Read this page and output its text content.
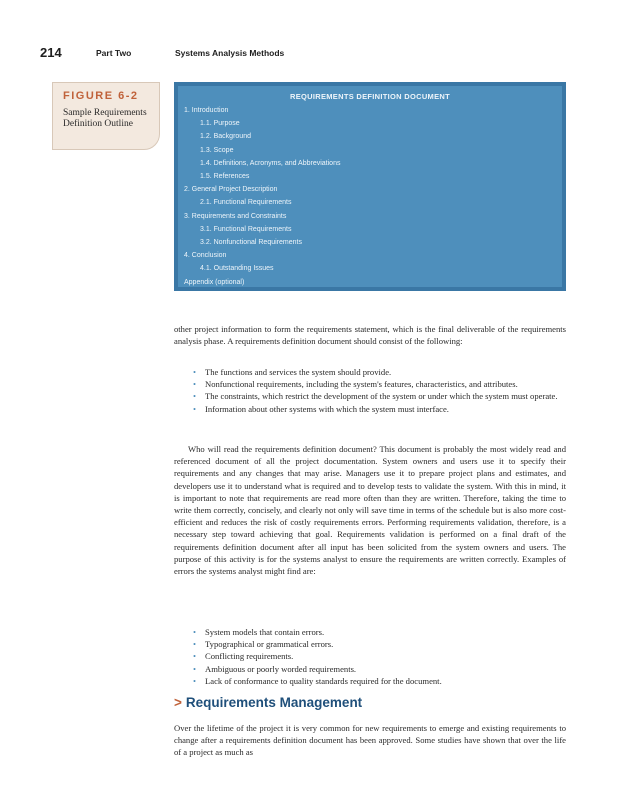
214	Part Two	Systems Analysis Methods
FIGURE 6-2
Sample Requirements Definition Outline
REQUIREMENTS DEFINITION DOCUMENT
1. Introduction
1.1. Purpose
1.2. Background
1.3. Scope
1.4. Definitions, Acronyms, and Abbreviations
1.5. References
2. General Project Description
2.1. Functional Requirements
3. Requirements and Constraints
3.1. Functional Requirements
3.2. Nonfunctional Requirements
4. Conclusion
4.1. Outstanding Issues
Appendix (optional)

other project information to form the requirements statement, which is the final deliverable of the requirements analysis phase. A requirements definition document should consist of the following:

• The functions and services the system should provide.
• Nonfunctional requirements, including the system's features, characteristics, and attributes.
• The constraints, which restrict the development of the system or under which the system must operate.
• Information about other systems with which the system must interface.

Who will read the requirements definition document? This document is probably the most widely read and referenced document of all the project documentation. System owners and users use it to specify their requirements and any changes that may arise. Managers use it to prepare project plans and estimates, and developers use it to understand what is required and to develop tests to validate the system. With this in mind, it is important to note that requirements are read more often than they are written. Therefore, taking the time to write them correctly, concisely, and clearly not only will save time in terms of the schedule but is also more cost-efficient and reduces the risk of costly requirements errors. Performing requirements validation, therefore, is a necessary step toward achieving that goal. Requirements validation is performed on a final draft of the requirements definition document after all input has been solicited from the system owners and users. The purpose of this activity is for the systems analyst to ensure the requirements are written correctly. Examples of errors the systems analyst might find are:

• System models that contain errors.
• Typographical or grammatical errors.
• Conflicting requirements.
• Ambiguous or poorly worded requirements.
• Lack of conformance to quality standards required for the document.
> Requirements Management

Over the lifetime of the project it is very common for new requirements to emerge and existing requirements to change after a requirements definition document has been approved. Some studies have shown that over the life of a project as much as
